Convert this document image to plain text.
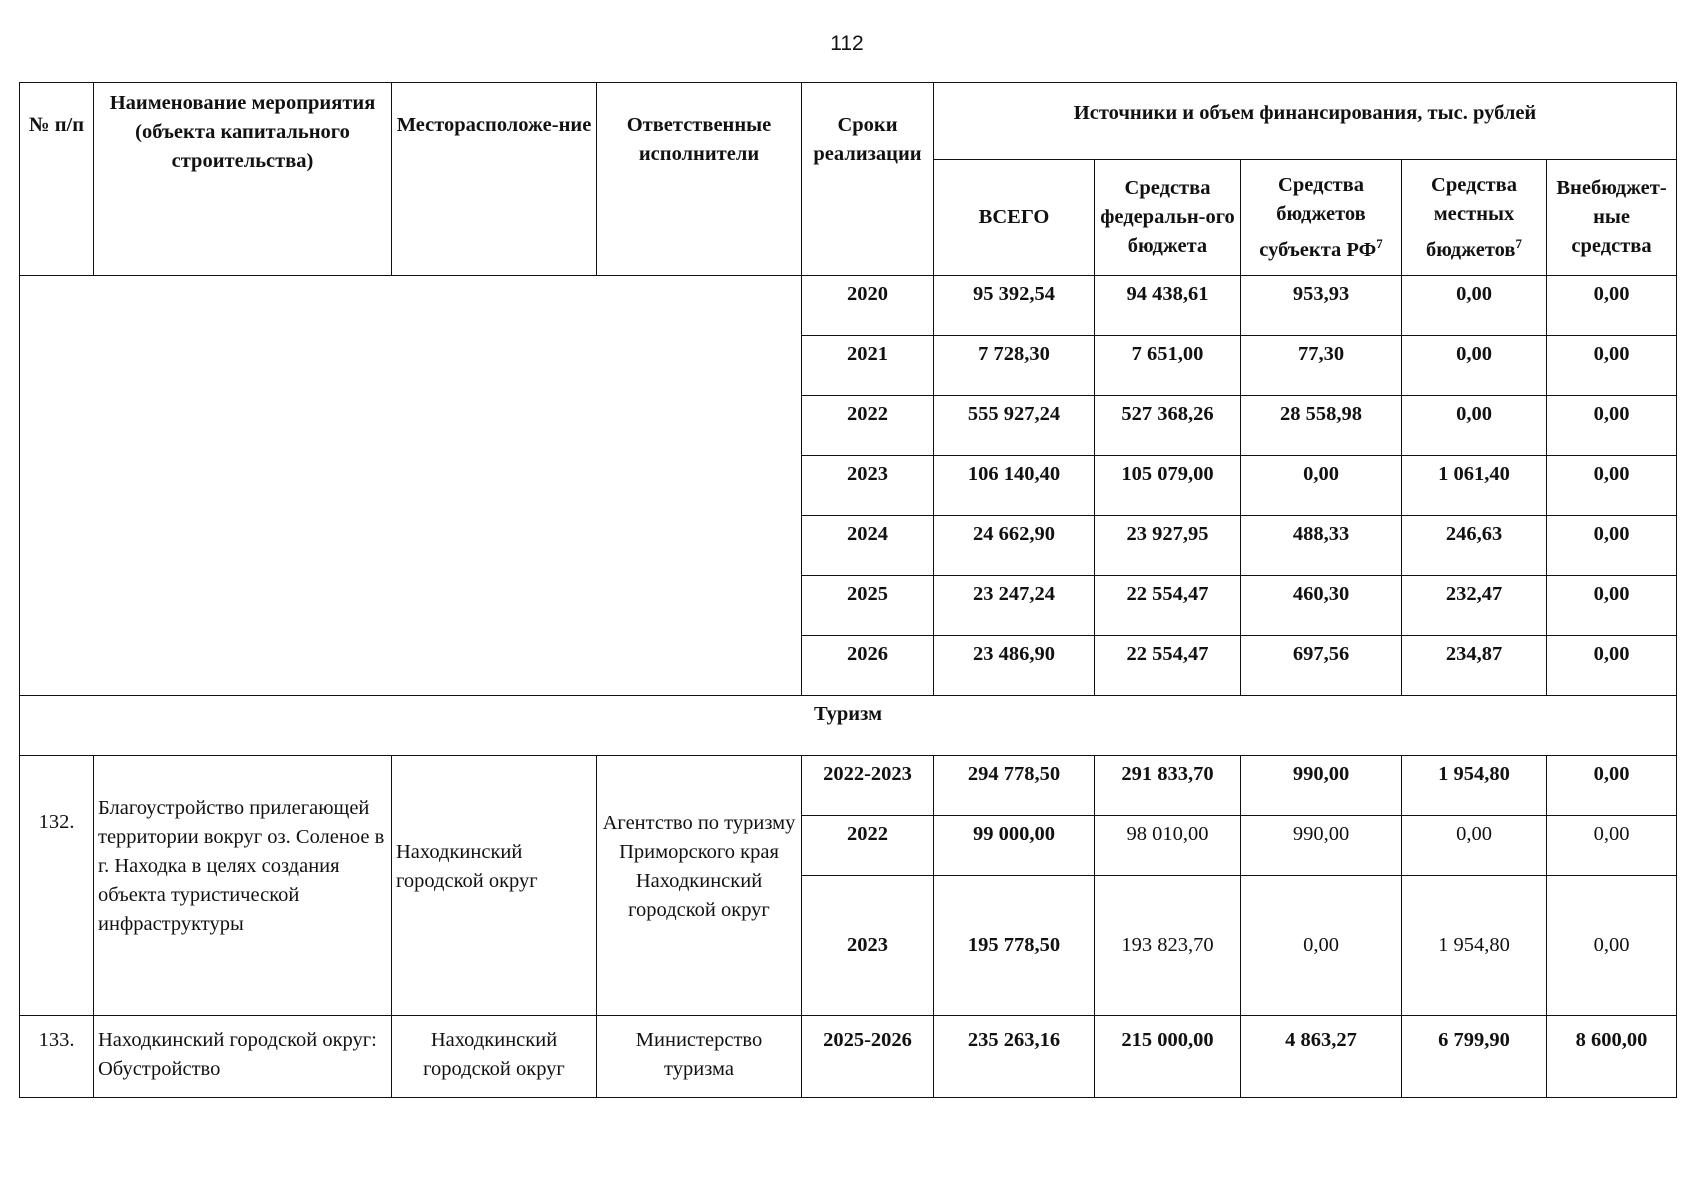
112
№ п/п	Наименование мероприятия (объекта капитального строительства)	Месторасположе-ние	Ответственные исполнители	Сроки реализации	Источники и объем финансирования, тыс. рублей				
					ВСЕГО	Средства федеральн-ого бюджета	Средства бюджетов субъекта $РФ^7$	Средства местных бюджетов$^7$	Внебюджет-ные средства
				2020	95 392,54	94 438,61	953,93	0,00	0,00
				2021	7 728,30	7 651,00	77,30	0,00	0,00
				2022	555 927,24	527 368,26	28 558,98	0,00	0,00
				2023	106 140,40	105 079,00	0,00	1 061,40	0,00
				2024	24 662,90	23 927,95	488,33	246,63	0,00
				2025	23 247,24	22 554,47	460,30	232,47	0,00
				2026	23 486,90	22 554,47	697,56	234,87	0,00
Туризм									
132.	Благоустройство прилегающей территории вокруг оз. Соленое в г. Находка в целях создания объекта туристической инфраструктуры	Находкинский городской округ	Агентство по туризму Приморского края Находкинский городской округ	2022-2023	294 778,50	291 833,70	990,00	1 954,80	0,00
				2022	99 000,00	98 010,00	990,00	0,00	0,00
				2023	195 778,50	193 823,70	0,00	1 954,80	0,00
133.	Находкинский городской округ: Обустройство	Находкинский городской округ	Министерство туризма	2025-2026	235 263,16	215 000,00	4 863,27	6 799,90	8 600,00
